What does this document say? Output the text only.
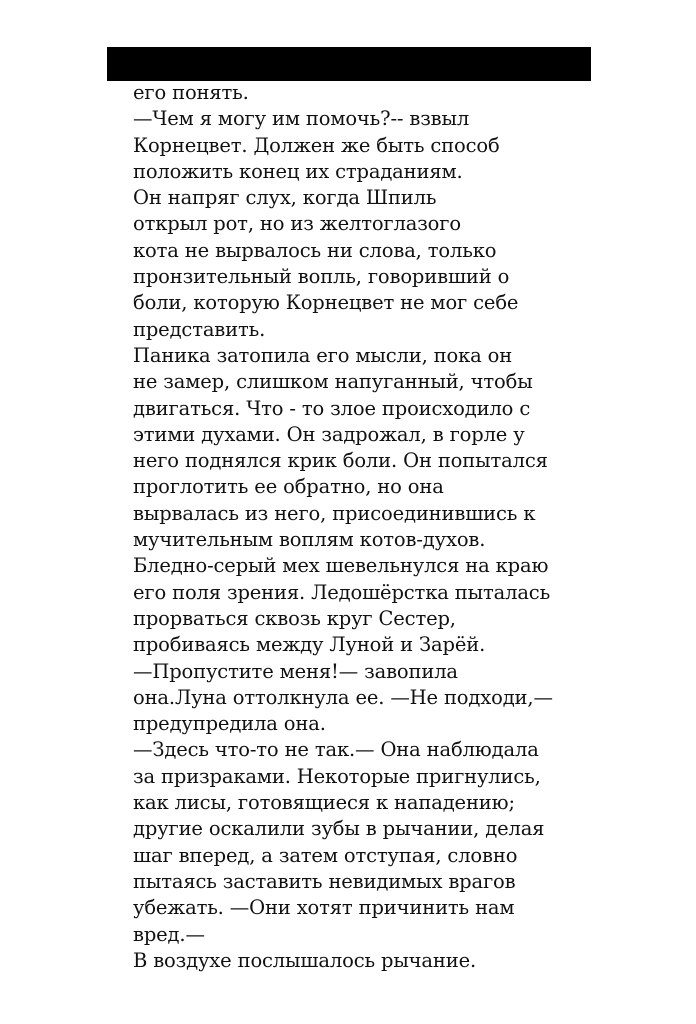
его понять.
—Чем я могу им помочь?-- взвыл
Корнецвет. Должен же быть способ
положить конец их страданиям.
Он напряг слух, когда Шпиль
открыл рот, но из желтоглазого
кота не вырвалось ни слова, только
пронзительный вопль, говоривший о
боли, которую Корнецвет не мог себе
представить.
Паника затопила его мысли, пока он
не замер, слишком напуганный, чтобы
двигаться. Что - то злое происходило с
этими духами. Он задрожал, в горле у
него поднялся крик боли. Он попытался
проглотить ее обратно, но она
вырвалась из него, присоединившись к
мучительным воплям котов-духов.
Бледно-серый мех шевельнулся на краю
его поля зрения. Ледошёрстка пыталась
прорваться сквозь круг Сестер,
пробиваясь между Луной и Зарёй.
—Пропустите меня!— завопила
она.Луна оттолкнула ее. —Не подходи,—
предупредила она.
—Здесь что-то не так.— Она наблюдала
за призраками. Некоторые пригнулись,
как лисы, готовящиеся к нападению;
другие оскалили зубы в рычании, делая
шаг вперед, а затем отступая, словно
пытаясь заставить невидимых врагов
убежать. —Они хотят причинить нам
вред.—
В воздухе послышалось рычание.
